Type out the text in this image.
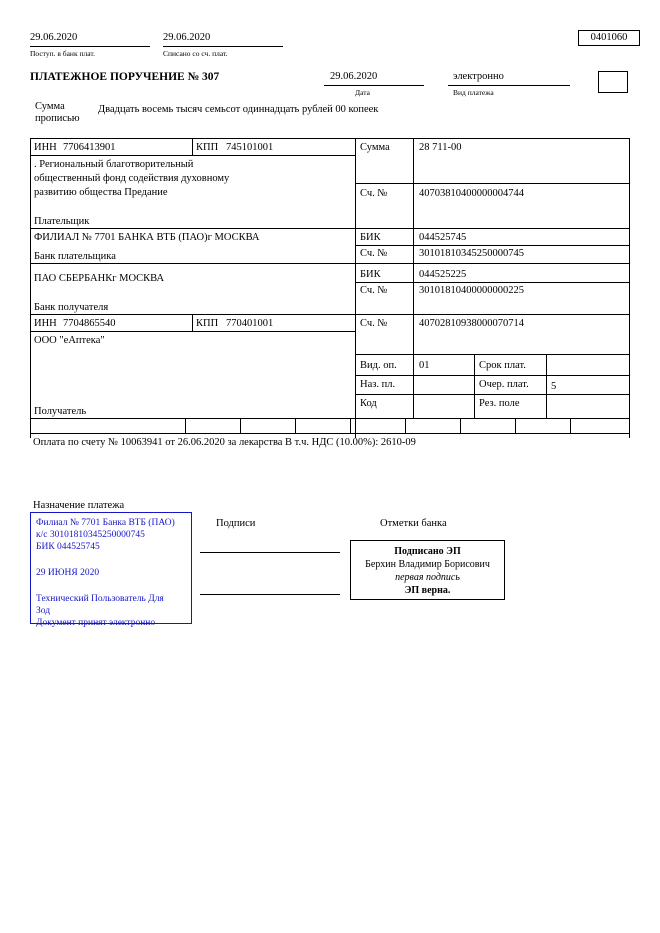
29.06.2020
Поступ. в банк плат.
29.06.2020
Списано со сч. плат.
0401060
ПЛАТЕЖНОЕ ПОРУЧЕНИЕ № 307	29.06.2020
Дата
электронно
Вид платежа
Сумма
прописью
Двадцать восемь тысяч семьсот одиннадцать рублей 00 копеек
ИНН 7706413901	КПП 745101001	Сумма	28 711-00
. Региональный благотворительный
общественный фонд содействия духовному
развитию общества Предание
Плательщик
Сч. №	40703810400000004744
ФИЛИАЛ № 7701 БАНКА ВТБ (ПАО)г МОСКВА
Банк плательщика
БИК	044525745
Сч. №	30101810345250000745
ПАО СБЕРБАНКг МОСКВА
Банк получателя
БИК	044525225
Сч. №	30101810400000000225
ИНН 7704865540	КПП 770401001
ООО "еАптека"
Получатель
Сч. №	40702810938000070714
Вид. оп. 01	Срок плат.
Наз. пл.	Очер. плат. 5
Код	Рез. поле
Оплата по счету № 10063941 от 26.06.2020 за лекарства В т.ч. НДС (10.00%): 2610-09
Назначение платежа
Подписи	Отметки банка
Филиал № 7701 Банка ВТБ (ПАО)
к/с 30101810345250000745
БИК 044525745
29 ИЮНЯ 2020
Технический Пользователь Для
Зод
Документ принят электронно
Подписано ЭП
Берхин Владимир Борисович
первая подпись
ЭП верна.
